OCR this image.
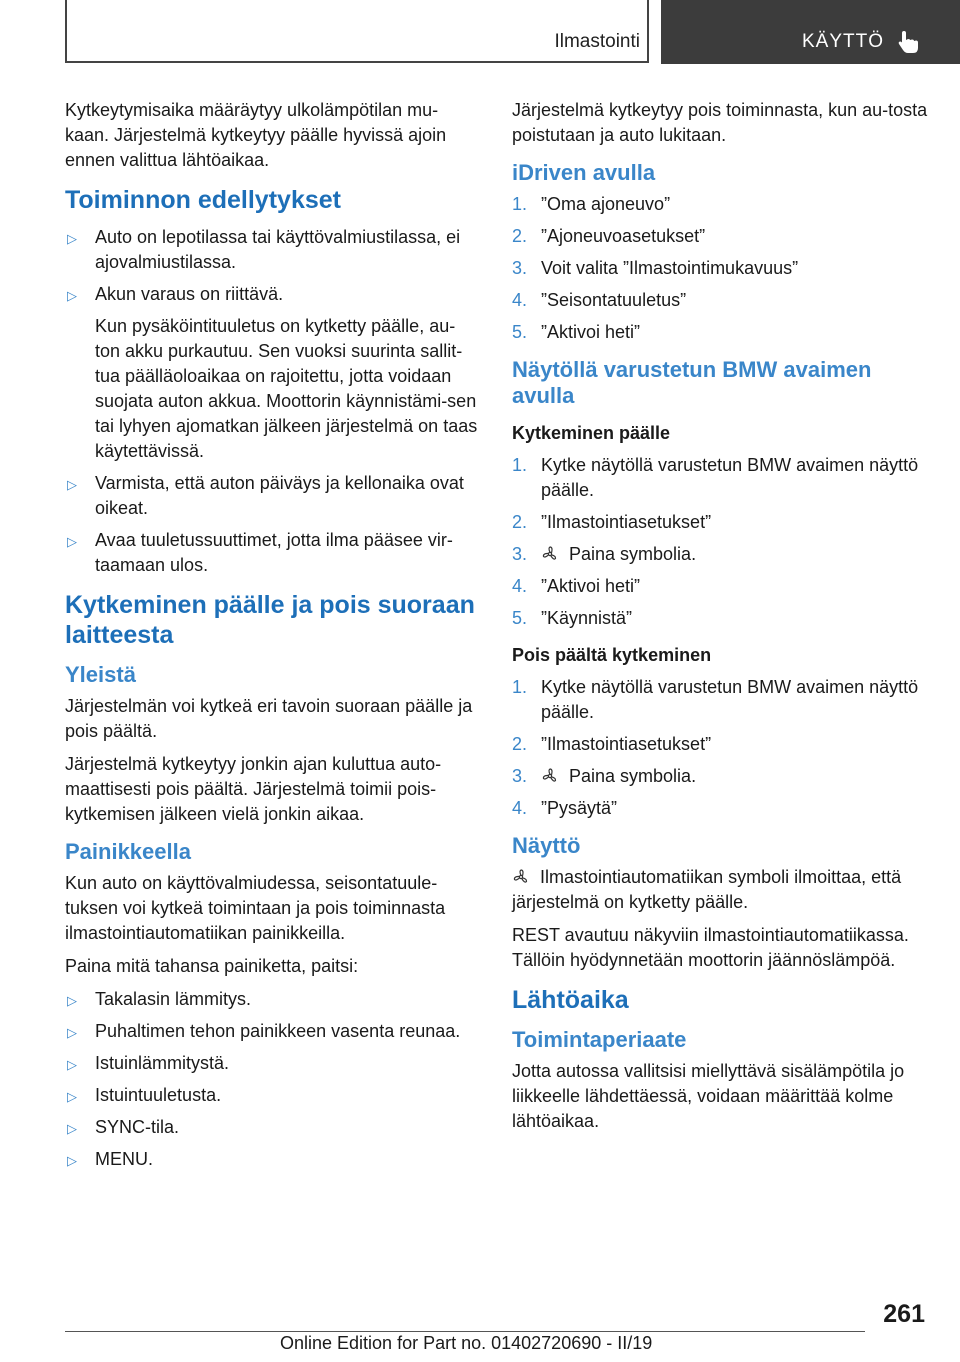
Ilmastointi	KÄYTTÖ

Kytkeytymisaika määräytyy ulkolämpötilan mu-kaan. Järjestelmä kytkeytyy päälle hyvissä ajoin ennen valittua lähtöaikaa.

Toiminnon edellytykset
▷ Auto on lepotilassa tai käyttövalmiustilassa, ei ajovalmiustilassa.
▷ Akun varaus on riittävä.

Kun pysäköintituuletus on kytketty päälle, au-ton akku purkautuu. Sen vuoksi suurinta sallit-tua päälläoloaikaa on rajoitettu, jotta voidaan suojata auton akkua. Moottorin käynnistämi-sen tai lyhyen ajomatkan jälkeen järjestelmä on taas käytettävissä.

▷ Varmista, että auton päiväys ja kellonaika ovat oikeat.
▷ Avaa tuuletussuuttimet, jotta ilma pääsee vir-taamaan ulos.
Kytkeminen päälle ja pois suoraan laitteesta
Yleistä

Järjestelmän voi kytkeä eri tavoin suoraan päälle ja pois päältä.

Järjestelmä kytkeytyy jonkin ajan kuluttua auto-maattisesti pois päältä. Järjestelmä toimii pois-kytkemisen jälkeen vielä jonkin aikaa.

Painikkeella

Kun auto on käyttövalmiudessa, seisontatuule-tuksen voi kytkeä toimintaan ja pois toiminnasta ilmastointiautomatiikan painikkeilla.

Paina mitä tahansa painiketta, paitsi:

▷ Takalasin lämmitys.
▷ Puhaltimen tehon painikkeen vasenta reunaa.
▷ Istuinlämmitystä.
▷ Istuintuuletusta.
▷ SYNC-tila.
▷ MENU.

Järjestelmä kytkeytyy pois toiminnasta, kun au-tosta poistutaan ja auto lukitaan.

iDriven avulla
1. ”Oma ajoneuvo”
2. ”Ajoneuvoasetukset”
3. Voit valita ”Ilmastointimukavuus”
4. ”Seisontatuuletus”
5. ”Aktivoi heti”
Näytöllä varustetun BMW avaimen avulla
Kytkeminen päälle
1. Kytke näytöllä varustetun BMW avaimen näyttö päälle.
2. ”Ilmastointiasetukset”
3. Paina symbolia.
4. ”Aktivoi heti”
5. ”Käynnistä”
Pois päältä kytkeminen
1. Kytke näytöllä varustetun BMW avaimen näyttö päälle.
2. ”Ilmastointiasetukset”
3. Paina symbolia.
4. ”Pysäytä”
Näyttö

Ilmastointiautomatiikan symboli ilmoittaa, että järjestelmä on kytketty päälle.

REST avautuu näkyviin ilmastointiautomatiikassa. Tällöin hyödynnetään moottorin jäännöslämpöä.

Lähtöaika
Toimintaperiaate

Jotta autossa vallitsisi miellyttävä sisälämpötila jo liikkeelle lähdettäessä, voidaan määrittää kolme lähtöaikaa.

261
Online Edition for Part no. 01402720690 - II/19
